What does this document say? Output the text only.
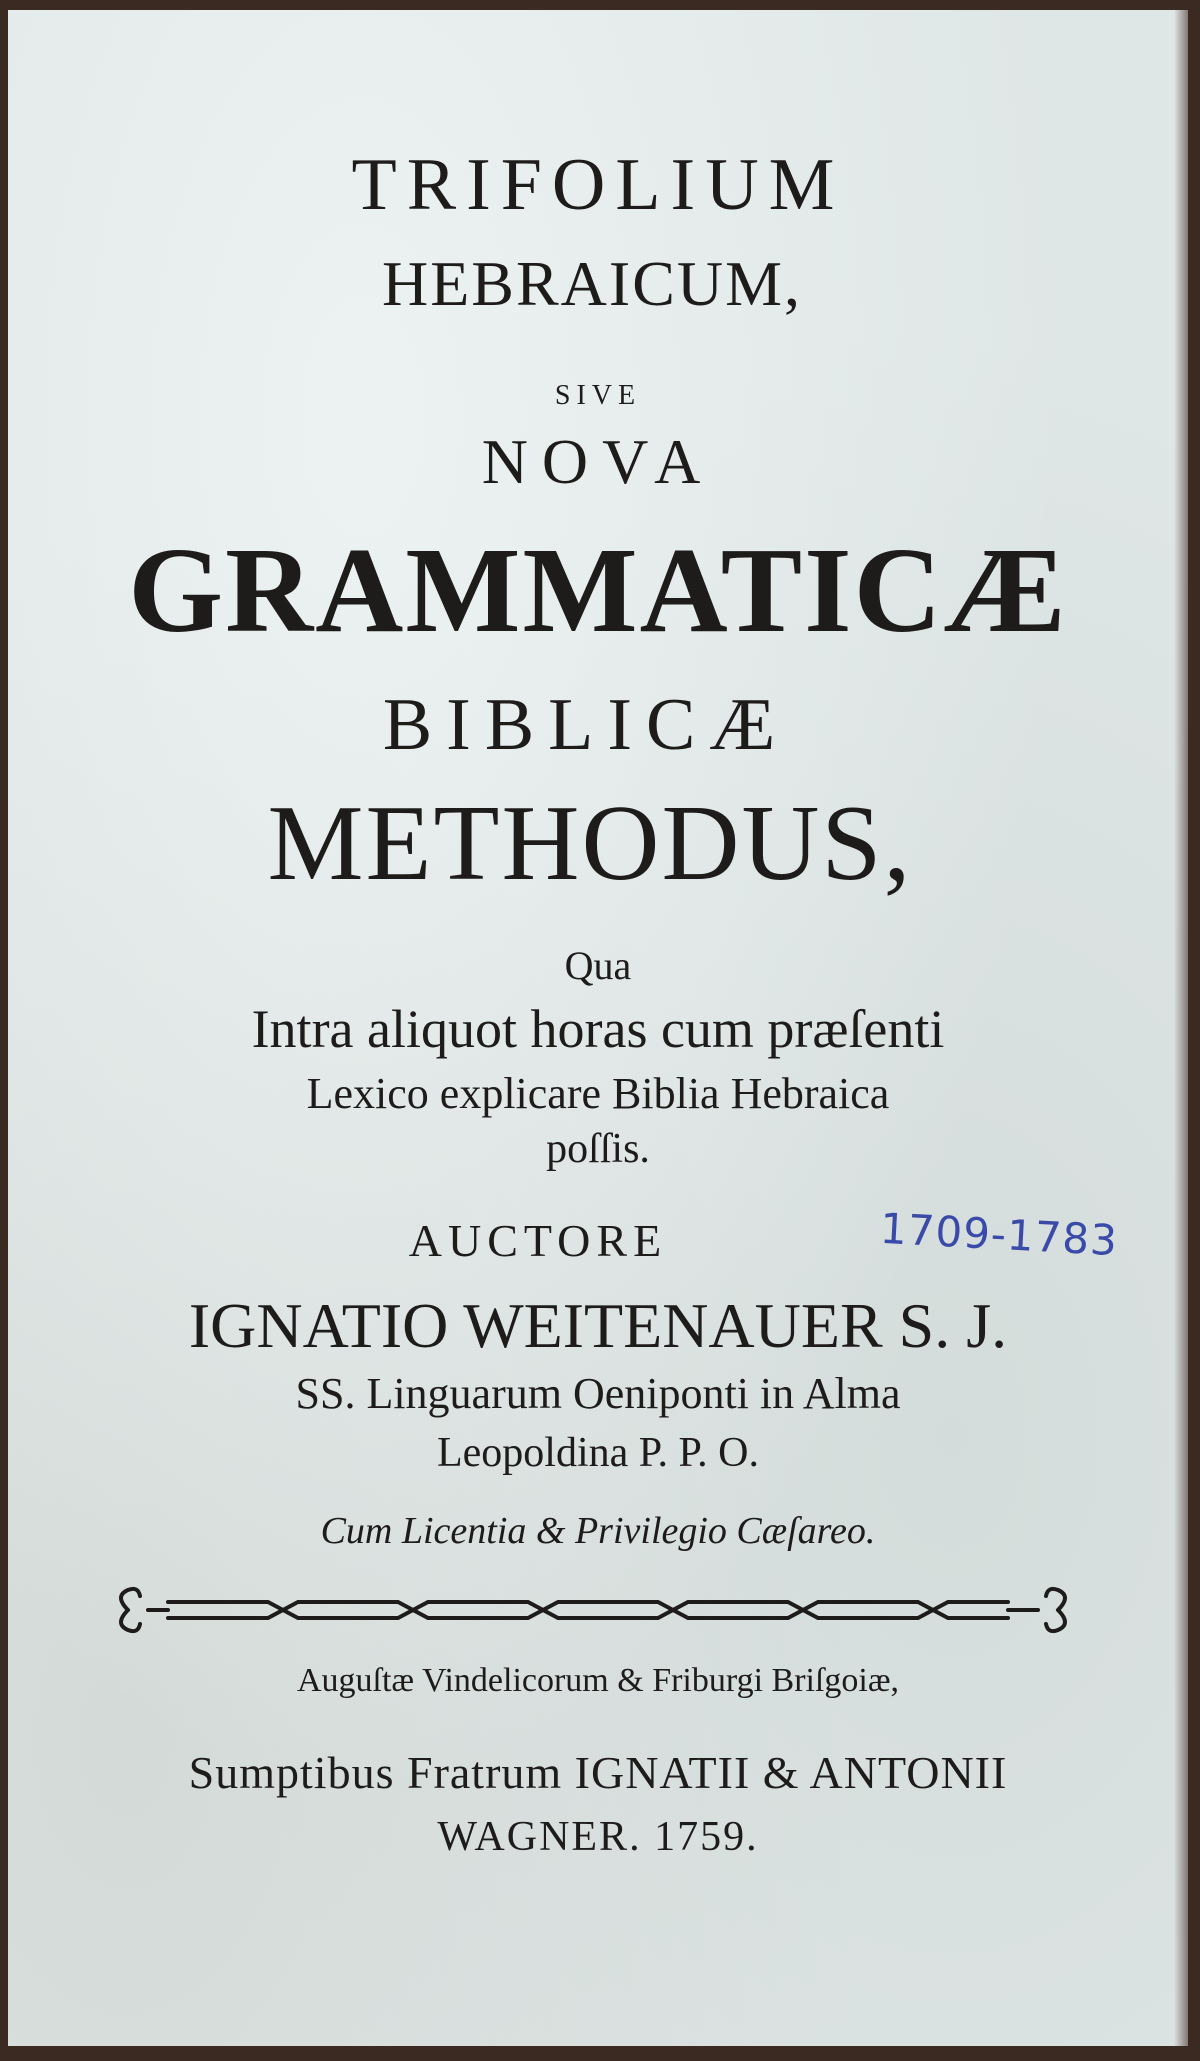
TRIFOLIUM
HEBRAICUM,
SIVE
NOVA
GRAMMATICÆ
BIBLICÆ
METHODUS,
Qua
Intra aliquot horas cum præſenti
Lexico explicare Biblia Hebraica
poſſis.
AUCTORE
IGNATIO WEITENAUER S. J.
SS. Linguarum Oeniponti in Alma
Leopoldina P. P. O.
Cum Licentia & Privilegio Cæſareo.
Auguſtæ Vindelicorum & Friburgi Briſgoiæ,
Sumptibus Fratrum IGNATII & ANTONII
WAGNER. 1759.
1709-1783
